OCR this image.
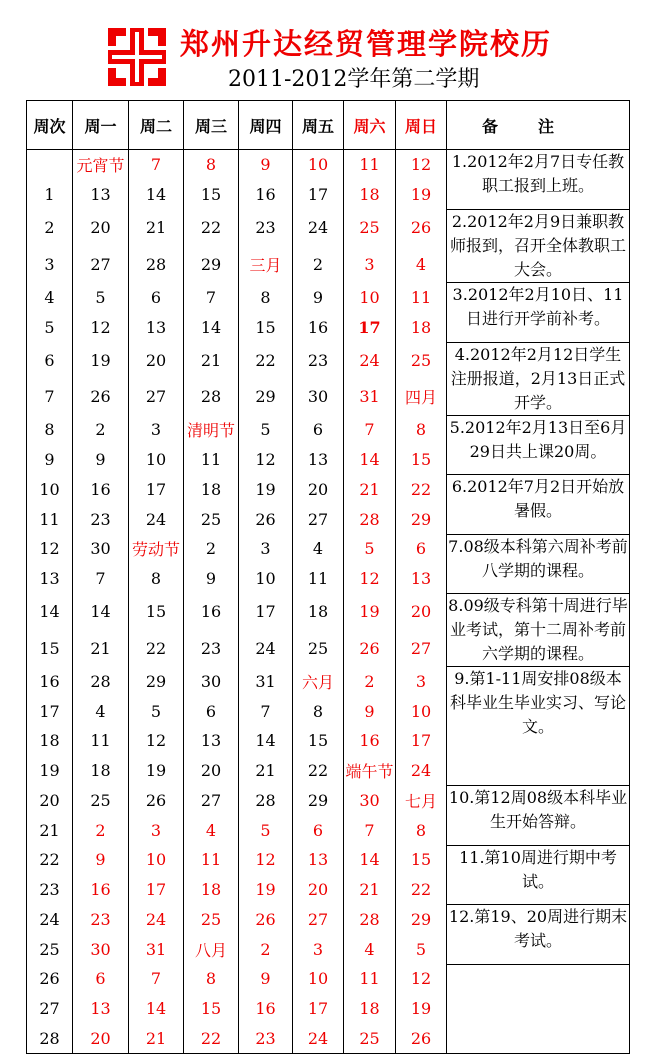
郑州升达经贸管理学院校历
2011-2012学年第二学期
周次	周一	周二	周三	周四	周五	周六	周日	备注
	元宵节	7	8	9	10	11	12	1.2012年2月7日专任教职工报到上班。
1	13	14	15	16	17	18	19	
2	20	21	22	23	24	25	26	2.2012年2月9日兼职教师报到，召开全体教职工大会。
3	27	28	29	三月	2	3	4	
4	5	6	7	8	9	10	11	3.2012年2月10日、11日进行开学前补考。
5	12	13	14	15	16	17	18	
6	19	20	21	22	23	24	25	4.2012年2月12日学生注册报道，2月13日正式开学。
7	26	27	28	29	30	31	四月	
8	2	3	清明节	5	6	7	8	5.2012年2月13日至6月29日共上课20周。
9	9	10	11	12	13	14	15	
10	16	17	18	19	20	21	22	6.2012年7月2日开始放暑假。
11	23	24	25	26	27	28	29	
12	30	劳动节	2	3	4	5	6	7.08级本科第六周补考前八学期的课程。
13	7	8	9	10	11	12	13	
14	14	15	16	17	18	19	20	8.09级专科第十周进行毕业考试，第十二周补考前六学期的课程。
15	21	22	23	24	25	26	27	
16	28	29	30	31	六月	2	3	9.第1-11周安排08级本科毕业生毕业实习、写论文。
17	4	5	6	7	8	9	10	
18	11	12	13	14	15	16	17	
19	18	19	20	21	22	端午节	24	
20	25	26	27	28	29	30	七月	10.第12周08级本科毕业生开始答辩。
21	2	3	4	5	6	7	8	
22	9	10	11	12	13	14	15	11.第10周进行期中考试。
23	16	17	18	19	20	21	22	
24	23	24	25	26	27	28	29	12.第19、20周进行期末考试。
25	30	31	八月	2	3	4	5	
26	6	7	8	9	10	11	12	
27	13	14	15	16	17	18	19	
28	20	21	22	23	24	25	26	
